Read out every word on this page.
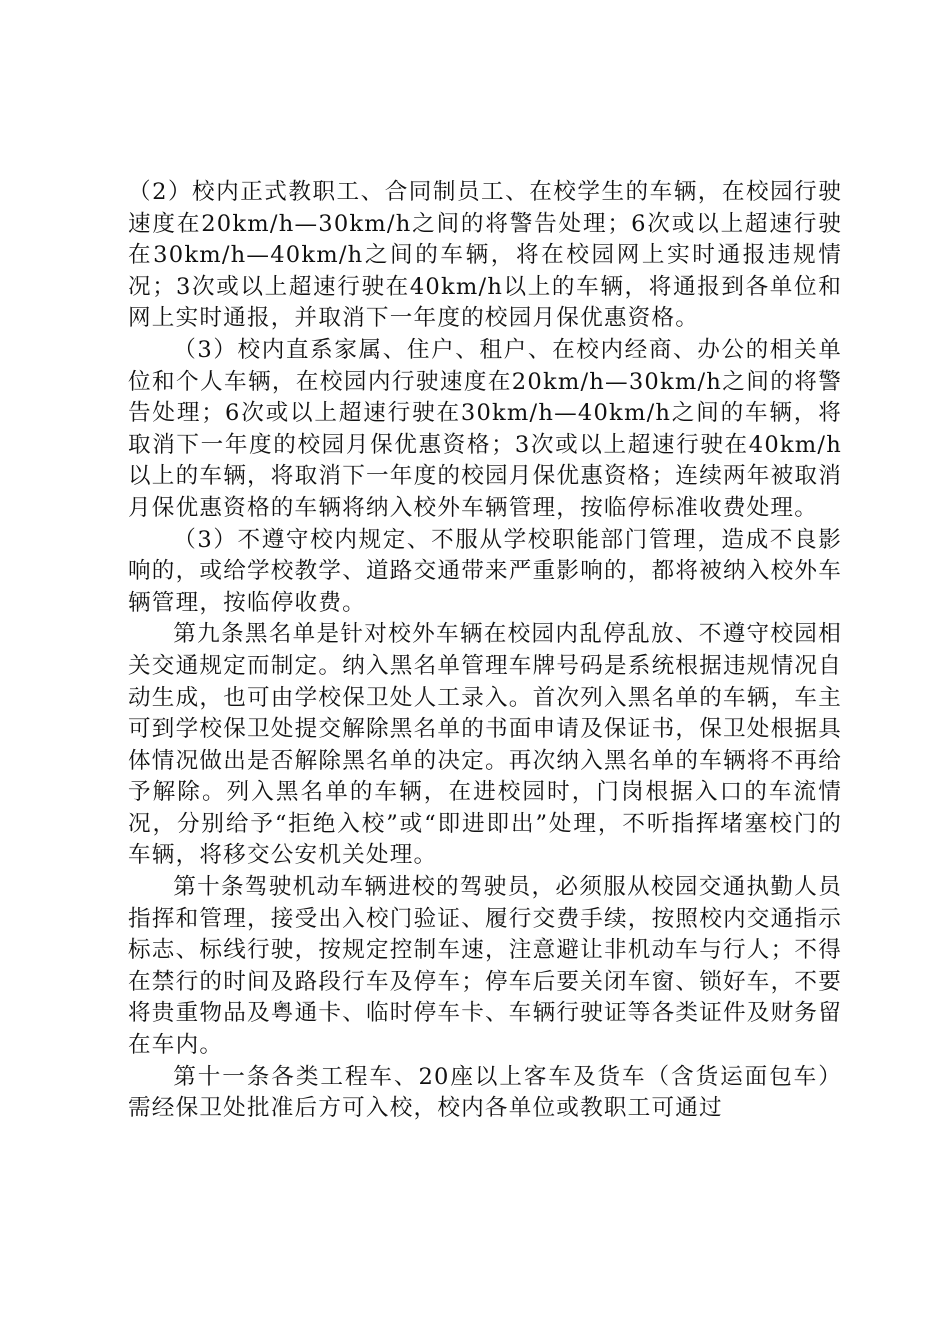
（2）校内正式教职工、合同制员工、在校学生的车辆，在校园行驶速度在20km/h—30km/h之间的将警告处理；6次或以上超速行驶在30km/h—40km/h之间的车辆，将在校园网上实时通报违规情况；3次或以上超速行驶在40km/h以上的车辆，将通报到各单位和网上实时通报，并取消下一年度的校园月保优惠资格。

（3）校内直系家属、住户、租户、在校内经商、办公的相关单位和个人车辆，在校园内行驶速度在20km/h—30km/h之间的将警告处理；6次或以上超速行驶在30km/h—40km/h之间的车辆，将取消下一年度的校园月保优惠资格；3次或以上超速行驶在40km/h以上的车辆，将取消下一年度的校园月保优惠资格；连续两年被取消月保优惠资格的车辆将纳入校外车辆管理，按临停标准收费处理。

（3）不遵守校内规定、不服从学校职能部门管理，造成不良影响的，或给学校教学、道路交通带来严重影响的，都将被纳入校外车辆管理，按临停收费。

第九条黑名单是针对校外车辆在校园内乱停乱放、不遵守校园相关交通规定而制定。纳入黑名单管理车牌号码是系统根据违规情况自动生成，也可由学校保卫处人工录入。首次列入黑名单的车辆，车主可到学校保卫处提交解除黑名单的书面申请及保证书，保卫处根据具体情况做出是否解除黑名单的决定。再次纳入黑名单的车辆将不再给予解除。列入黑名单的车辆，在进校园时，门岗根据入口的车流情况，分别给予“拒绝入校”或“即进即出”处理，不听指挥堵塞校门的车辆，将移交公安机关处理。

第十条驾驶机动车辆进校的驾驶员，必须服从校园交通执勤人员指挥和管理，接受出入校门验证、履行交费手续，按照校内交通指示标志、标线行驶，按规定控制车速，注意避让非机动车与行人；不得在禁行的时间及路段行车及停车；停车后要关闭车窗、锁好车，不要将贵重物品及粤通卡、临时停车卡、车辆行驶证等各类证件及财务留在车内。

第十一条各类工程车、20座以上客车及货车（含货运面包车）需经保卫处批准后方可入校，校内各单位或教职工可通过
